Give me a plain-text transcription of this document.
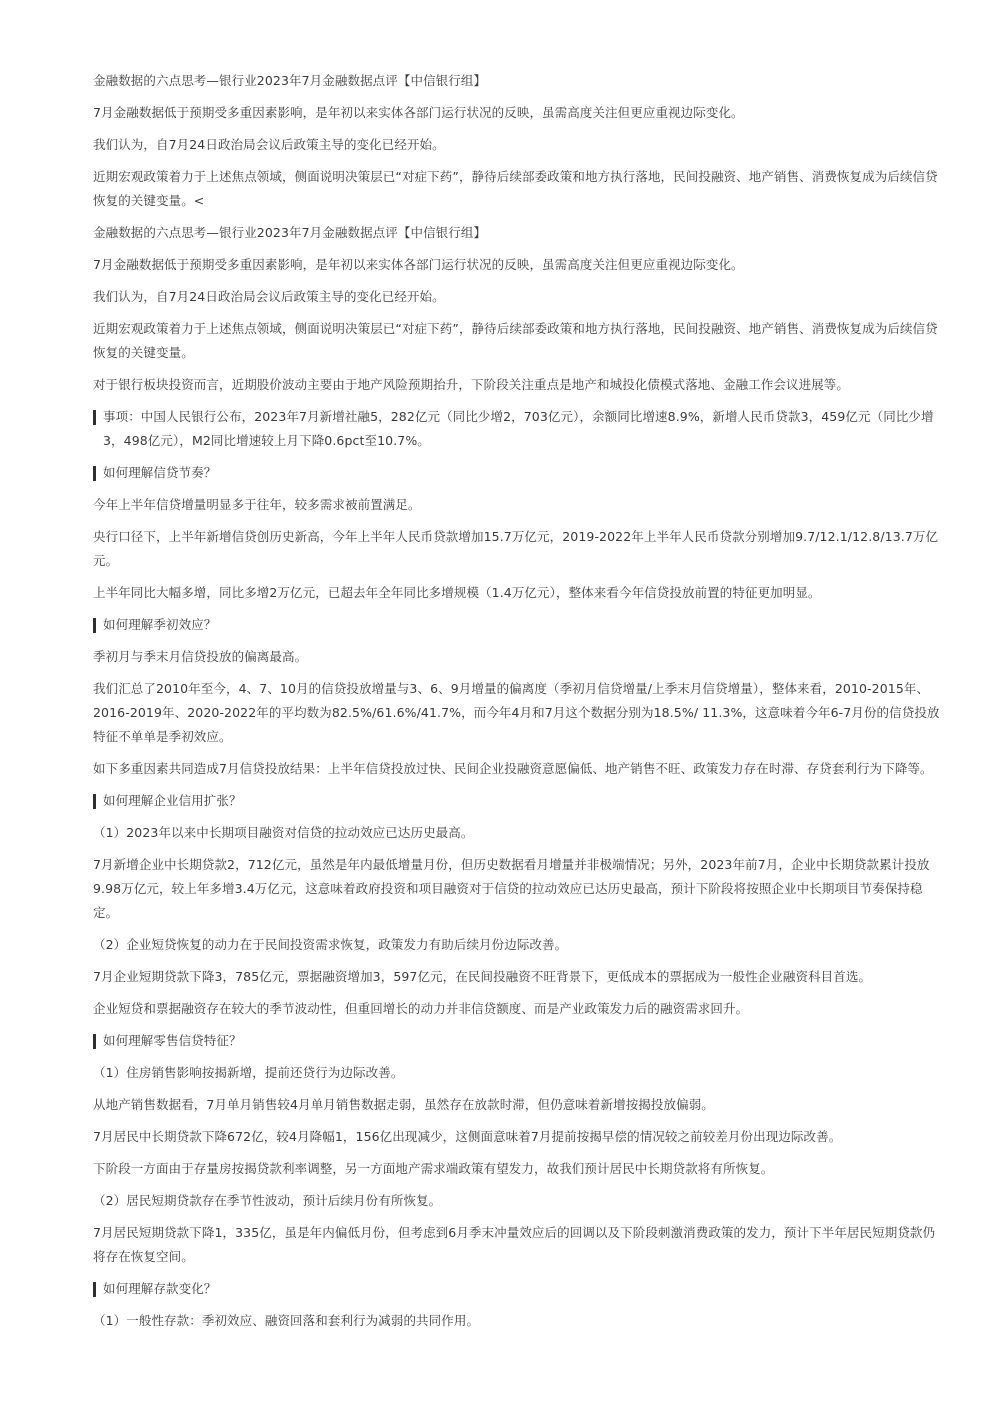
金融数据的六点思考—银行业2023年7月金融数据点评【中信银行组】
7月金融数据低于预期受多重因素影响，是年初以来实体各部门运行状况的反映，虽需高度关注但更应重视边际变化。
我们认为，自7月24日政治局会议后政策主导的变化已经开始。
近期宏观政策着力于上述焦点领域，侧面说明决策层已“对症下药”，静待后续部委政策和地方执行落地，民间投融资、地产销售、消费恢复成为后续信贷恢复的关键变量。<
金融数据的六点思考—银行业2023年7月金融数据点评【中信银行组】
7月金融数据低于预期受多重因素影响，是年初以来实体各部门运行状况的反映，虽需高度关注但更应重视边际变化。
我们认为，自7月24日政治局会议后政策主导的变化已经开始。
近期宏观政策着力于上述焦点领域，侧面说明决策层已“对症下药”，静待后续部委政策和地方执行落地，民间投融资、地产销售、消费恢复成为后续信贷恢复的关键变量。
对于银行板块投资而言，近期股价波动主要由于地产风险预期抬升，下阶段关注重点是地产和城投化债模式落地、金融工作会议进展等。
事项：中国人民银行公布，2023年7月新增社融5，282亿元（同比少增2，703亿元），余额同比增速8.9%，新增人民币贷款3，459亿元（同比少增3，498亿元），M2同比增速较上月下降0.6pct至10.7%。
如何理解信贷节奏？
今年上半年信贷增量明显多于往年，较多需求被前置满足。
央行口径下，上半年新增信贷创历史新高，今年上半年人民币贷款增加15.7万亿元，2019-2022年上半年人民币贷款分别增加9.7/12.1/12.8/13.7万亿元。
上半年同比大幅多增，同比多增2万亿元，已超去年全年同比多增规模（1.4万亿元），整体来看今年信贷投放前置的特征更加明显。
如何理解季初效应？
季初月与季末月信贷投放的偏离最高。
我们汇总了2010年至今，4、7、10月的信贷投放增量与3、6、9月增量的偏离度（季初月信贷增量/上季末月信贷增量），整体来看，2010-2015年、2016-2019年、2020-2022年的平均数为82.5%/61.6%/41.7%，而今年4月和7月这个数据分别为18.5%/ 11.3%，这意味着今年6-7月份的信贷投放特征不单单是季初效应。
如下多重因素共同造成7月信贷投放结果：上半年信贷投放过快、民间企业投融资意愿偏低、地产销售不旺、政策发力存在时滞、存贷套利行为下降等。
如何理解企业信用扩张？
（1）2023年以来中长期项目融资对信贷的拉动效应已达历史最高。
7月新增企业中长期贷款2，712亿元，虽然是年内最低增量月份，但历史数据看月增量并非极端情况；另外，2023年前7月，企业中长期贷款累计投放9.98万亿元，较上年多增3.4万亿元，这意味着政府投资和项目融资对于信贷的拉动效应已达历史最高，预计下阶段将按照企业中长期项目节奏保持稳定。
（2）企业短贷恢复的动力在于民间投资需求恢复，政策发力有助后续月份边际改善。
7月企业短期贷款下降3，785亿元，票据融资增加3，597亿元，在民间投融资不旺背景下，更低成本的票据成为一般性企业融资科目首选。
企业短贷和票据融资存在较大的季节波动性，但重回增长的动力并非信贷额度、而是产业政策发力后的融资需求回升。
如何理解零售信贷特征？
（1）住房销售影响按揭新增，提前还贷行为边际改善。
从地产销售数据看，7月单月销售较4月单月销售数据走弱，虽然存在放款时滞，但仍意味着新增按揭投放偏弱。
7月居民中长期贷款下降672亿，较4月降幅1，156亿出现减少，这侧面意味着7月提前按揭早偿的情况较之前较差月份出现边际改善。
下阶段一方面由于存量房按揭贷款利率调整，另一方面地产需求端政策有望发力，故我们预计居民中长期贷款将有所恢复。
（2）居民短期贷款存在季节性波动，预计后续月份有所恢复。
7月居民短期贷款下降1，335亿，虽是年内偏低月份，但考虑到6月季末冲量效应后的回调以及下阶段刺激消费政策的发力，预计下半年居民短期贷款仍将存在恢复空间。
如何理解存款变化？
（1）一般性存款：季初效应、融资回落和套利行为减弱的共同作用。
